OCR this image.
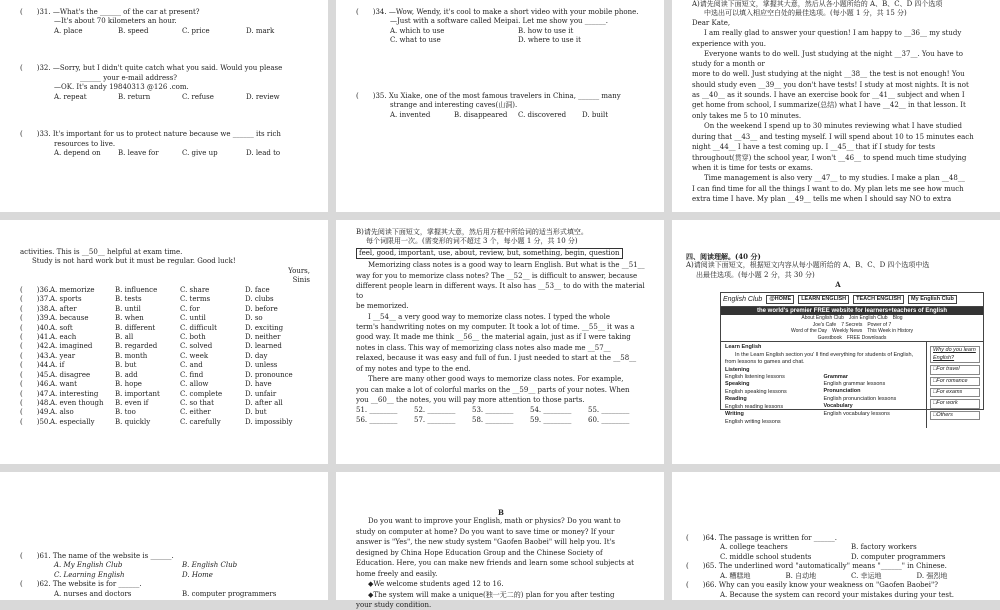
(　　)31. —What's the ______ of the car at present?
—It's about 70 kilometers an hour.
A. place	B. speed	C. price	D. mark
(　　)32. —Sorry, but I didn't quite catch what you said. Would you please
______ your e-mail address?
—OK. It's andy 19840313 @126 .com.
A. repeat	B. return	C. refuse	D. review
(　　)33. It's important for us to protect nature because we ______ its rich
resources to live.
A. depend on	B. leave for	C. give up	D. lead to
(　　)34. —Wow, Wendy, it's cool to make a short video with your mobile phone.
—Just with a software called Meipai. Let me show you ______.
A. which to use	B. how to use it
C. what to use	D. where to use it
(　　)35. Xu Xiake, one of the most famous travelers in China, ______ many
strange and interesting caves(山洞).
A. invented	B. disappeared	C. discovered	D. built
A)请先阅读下面短文，掌握其大意，然后从各小题所给的 A、B、C、D 四个选项
中选出可以填入相应空白处的最佳选项。(每小题 1 分，共 15 分)
Dear Kate,
I am really glad to answer your question! I am happy to __36__ my study
experience with you.
Everyone wants to do well. Just studying at the night __37__. You have to study for a month or
more to do well. Just studying at the night __38__ the test is not enough! You
should study even __39__ you don't have tests! I study at most nights. It is not
as __40__ as it sounds. I have an exercise book for __41__ subject and when I
get home from school, I summarize(总结) what I have __42__ in that lesson. It
only takes me 5 to 10 minutes.
On the weekend I spend up to 30 minutes reviewing what I have studied
during that __43__ and testing myself. I will spend about 10 to 15 minutes each
night __44__ I have a test coming up. I __45__ that if I study for tests
throughout(贯穿) the school year, I won't __46__ to spend much time studying
when it is time for tests or exams.
Time management is also very __47__ to my studies. I make a plan __48__
I can find time for all the things I want to do. My plan lets me see how much
extra time I have. My plan __49__ tells me when I should say NO to extra
activities. This is __50__ helpful at exam time.
Study is not hard work but it must be regular. Good luck!
Yours,
Sinis
(　　)36. A. memorize	B. influence	C. share	D. face
(　　)37. A. sports	B. tests	C. terms	D. clubs
(　　)38. A. after	B. until	C. for	D. before
(　　)39. A. because	B. when	C. until	D. so
(　　)40. A. soft	B. different	C. difficult	D. exciting
(　　)41. A. each	B. all	C. both	D. neither
(　　)42. A. imagined	B. regarded	C. solved	D. learned
(　　)43. A. year	B. month	C. week	D. day
(　　)44. A. if	B. but	C. and	D. unless
(　　)45. A. disagree	B. add	C. find	D. pronounce
(　　)46. A. want	B. hope	C. allow	D. have
(　　)47. A. interesting	B. important	C. complete	D. unfair
(　　)48. A. even though	B. even if	C. so that	D. after all
(　　)49. A. also	B. too	C. either	D. but
(　　)50. A. especially	B. quickly	C. carefully	D. impossibly
B)请先阅读下面短文，掌握其大意，然后用方框中所给词的适当形式填空。
每个词限用一次。(需变形的词不超过 3 个，每小题 1 分，共 10 分)
feel, good, important, use, about, review, but, something, begin, question
Memorizing class notes is a good way to learn English. But what is the __51__
way for you to memorize class notes? The __52__ is difficult to answer, because
different people learn in different ways. It also has __53__ to do with the material to
be memorized.
I __54__ a very good way to memorize class notes. I typed the whole
term's handwriting notes on my computer. It took a lot of time. __55__ it was a
good way. It made me think __56__ the material again, just as if I were taking
notes in class. This way of memorizing class notes also made me __57__
relaxed, because it was easy and full of fun. I just needed to start at the __58__
of my notes and type to the end.
There are many other good ways to memorize class notes. For example,
you can make a lot of colorful marks on the __59__ parts of your notes. When
you __60__ the notes, you will pay more attention to those parts.
51. ________	52. ________	53. ________	54. ________	55. ________
56. ________	57. ________	58. ________	59. ________	60. ________
四、阅读理解。(40 分)
A)请阅读下面短文，根据短文内容从每小题所给的 A、B、C、D 四个选项中选
出最佳选项。(每小题 2 分，共 30 分)
A
English Club	@HOME	LEARN ENGLISH	TEACH ENGLISH	My English Club
the world's premier FREE website for learners+teachers of English
About English Club　Join English Club　Blog
Joe's Cafe　7 Secrets　Power of 7
Word of the Day　Weekly News　This Week in History
Guestbook　FREE Downloads
Learn English
In the Learn English section you' ll find everything for students of English, from lessons to games and chat.
Listening
English listening lessons
Speaking
English speaking lessons
Reading
English reading lessons
Writing
English writing lessons
Grammar
English grammar lessons
Pronunciation
English pronunciation lessons
Vocabulary
English vocabulary lessons
Why do you learn English?
□For travel
□For romance
□For exams
□For work
□Others
(　　)61. The name of the website is ______.
A. My English Club	B. English Club
C. Learning English	D. Home
(　　)62. The website is for ______.
A. nurses and doctors	B. computer programmers
B
Do you want to improve your English, math or physics? Do you want to
study on computer at home? Do you want to save time or money? If your
answer is "Yes", the new study system "Gaofen Baobei" will help you. It's
designed by China Hope Education Group and the Chinese Society of
Education. Here, you can make new friends and learn some school subjects at
home freely and easily.
◆We welcome students aged 12 to 16.
◆The system will make a unique(独一无二的) plan for you after testing
your study condition.
(　　)64. The passage is written for ______.
A. college teachers	B. factory workers
C. middle school students	D. computer programmers
(　　)65. The underlined word "automatically" means "______" in Chinese.
A. 糟糕地	B. 自动地	C. 幸运地	D. 强烈地
(　　)66. Why can you easily know your weakness on "Gaofen Baobei"?
A. Because the system can record your mistakes during your test.
